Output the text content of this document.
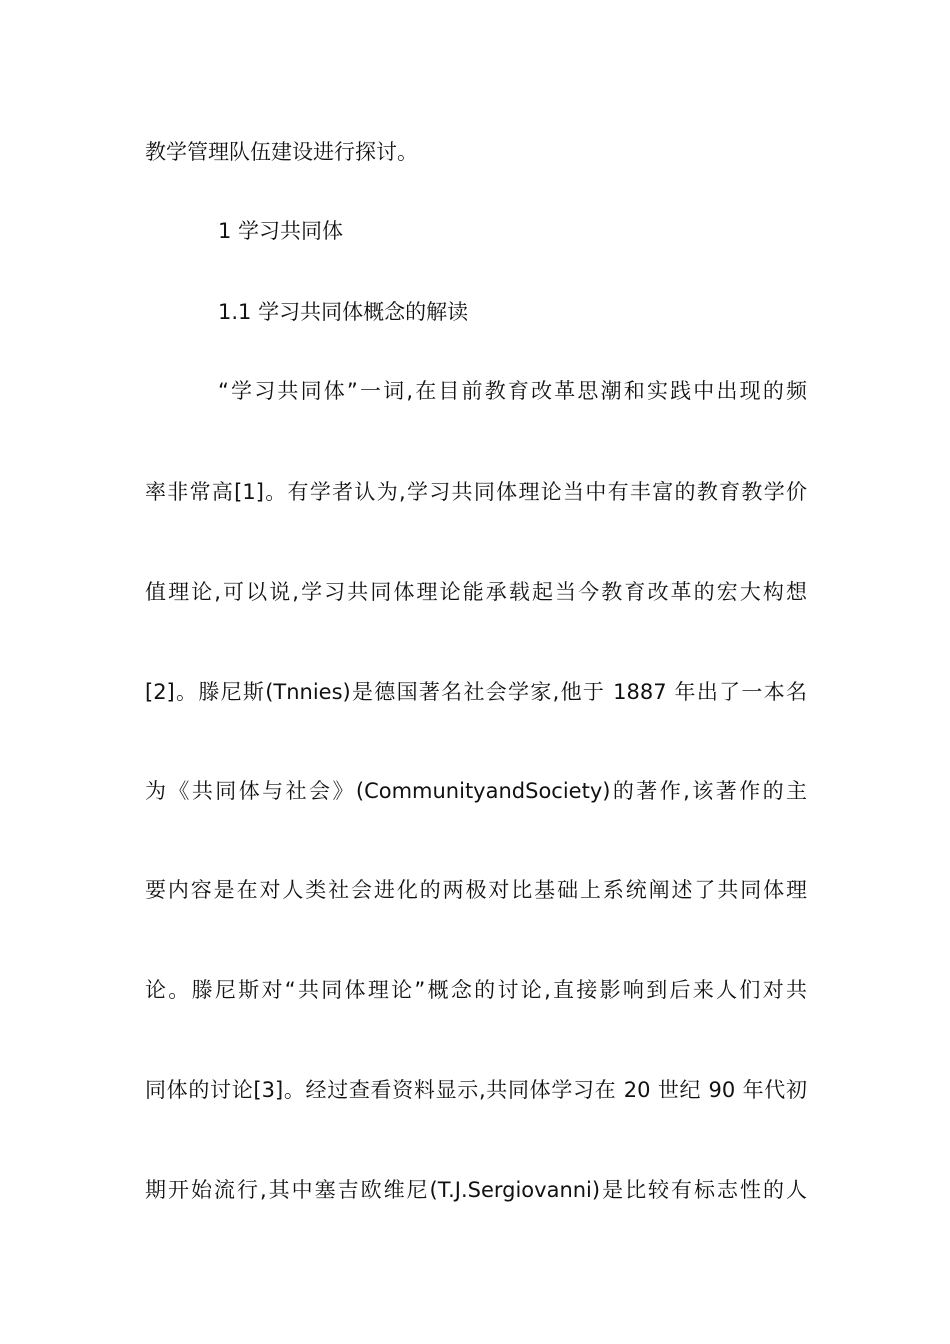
教学管理队伍建设进行探讨。
1 学习共同体
1.1 学习共同体概念的解读
“学习共同体”一词,在目前教育改革思潮和实践中出现的频
率非常高[1]。有学者认为,学习共同体理论当中有丰富的教育教学价
值理论,可以说,学习共同体理论能承载起当今教育改革的宏大构想
[2]。滕尼斯(Tnnies)是德国著名社会学家,他于 1887 年出了一本名
为《共同体与社会》(CommunityandSociety)的著作,该著作的主
要内容是在对人类社会进化的两极对比基础上系统阐述了共同体理
论。滕尼斯对“共同体理论”概念的讨论,直接影响到后来人们对共
同体的讨论[3]。经过查看资料显示,共同体学习在 20 世纪 90 年代初
期开始流行,其中塞吉欧维尼(T.J.Sergiovanni)是比较有标志性的人
